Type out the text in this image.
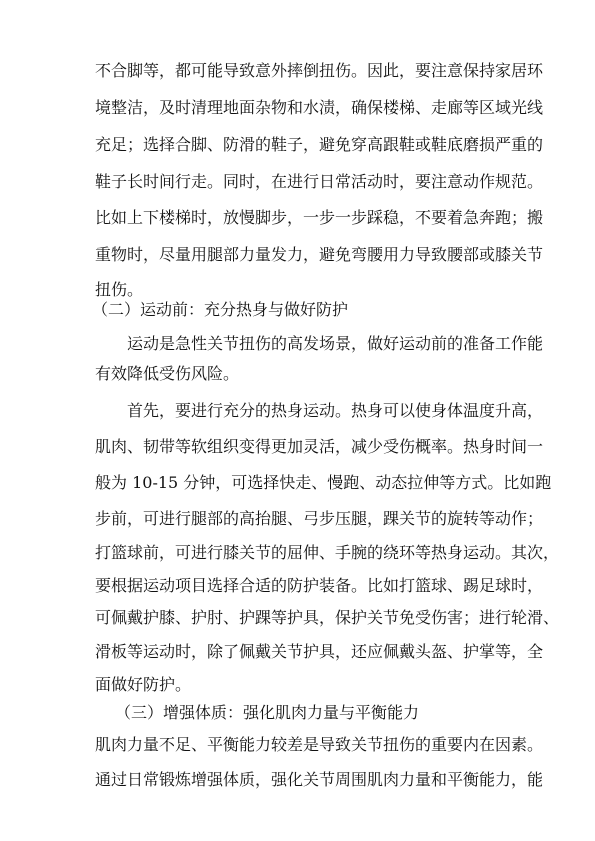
不合脚等，都可能导致意外摔倒扭伤。因此，要注意保持家居环
境整洁，及时清理地面杂物和水渍，确保楼梯、走廊等区域光线
充足；选择合脚、防滑的鞋子，避免穿高跟鞋或鞋底磨损严重的
鞋子长时间行走。同时，在进行日常活动时，要注意动作规范。
比如上下楼梯时，放慢脚步，一步一步踩稳，不要着急奔跑；搬
重物时，尽量用腿部力量发力，避免弯腰用力导致腰部或膝关节
扭伤。
（二）运动前：充分热身与做好防护
运动是急性关节扭伤的高发场景，做好运动前的准备工作能
有效降低受伤风险。
首先，要进行充分的热身运动。热身可以使身体温度升高，
肌肉、韧带等软组织变得更加灵活，减少受伤概率。热身时间一
般为 10-15 分钟，可选择快走、慢跑、动态拉伸等方式。比如跑
步前，可进行腿部的高抬腿、弓步压腿，踝关节的旋转等动作；
打篮球前，可进行膝关节的屈伸、手腕的绕环等热身运动。其次，
要根据运动项目选择合适的防护装备。比如打篮球、踢足球时，
可佩戴护膝、护肘、护踝等护具，保护关节免受伤害；进行轮滑、
滑板等运动时，除了佩戴关节护具，还应佩戴头盔、护掌等，全
面做好防护。
（三）增强体质：强化肌肉力量与平衡能力
肌肉力量不足、平衡能力较差是导致关节扭伤的重要内在因素。
通过日常锻炼增强体质，强化关节周围肌肉力量和平衡能力，能
